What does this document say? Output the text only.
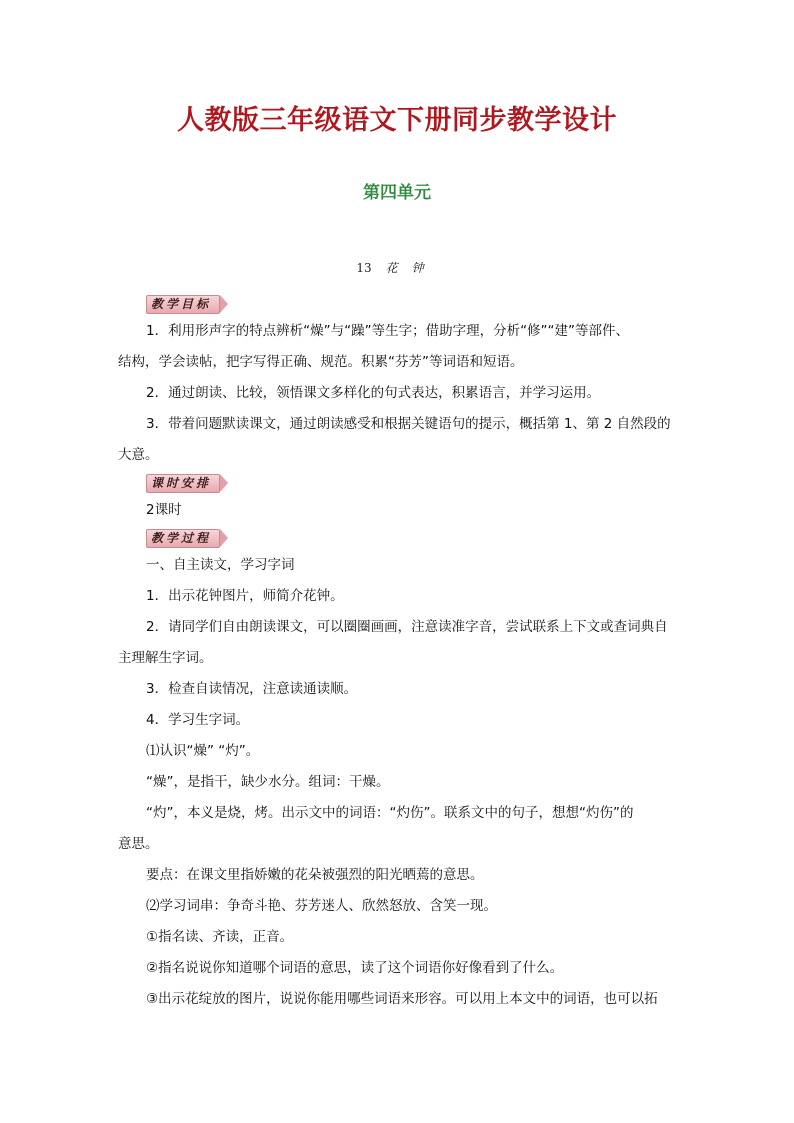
人教版三年级语文下册同步教学设计
第四单元
13 花钟
教学目标

1．利用形声字的特点辨析“燥”与“躁”等生字；借助字理，分析“修”“建”等部件、

结构，学会读帖，把字写得正确、规范。积累“芬芳”等词语和短语。

2．通过朗读、比较，领悟课文多样化的句式表达，积累语言，并学习运用。

3．带着问题默读课文，通过朗读感受和根据关键语句的提示，概括第 1、第 2 自然段的

大意。

课时安排

2课时

教学过程

一、自主读文，学习字词

1．出示花钟图片，师简介花钟。

2．请同学们自由朗读课文，可以圈圈画画，注意读准字音，尝试联系上下文或查词典自

主理解生字词。

3．检查自读情况，注意读通读顺。

4．学习生字词。

⑴认识“燥” “灼”。

“燥”，是指干，缺少水分。组词：干燥。

“灼”，本义是烧，烤。出示文中的词语：“灼伤”。联系文中的句子，想想“灼伤”的

意思。

要点：在课文里指娇嫩的花朵被强烈的阳光晒蔫的意思。

⑵学习词串：争奇斗艳、芬芳迷人、欣然怒放、含笑一现。

①指名读、齐读，正音。

②指名说说你知道哪个词语的意思，读了这个词语你好像看到了什么。

③出示花绽放的图片，说说你能用哪些词语来形容。可以用上本文中的词语，也可以拓
